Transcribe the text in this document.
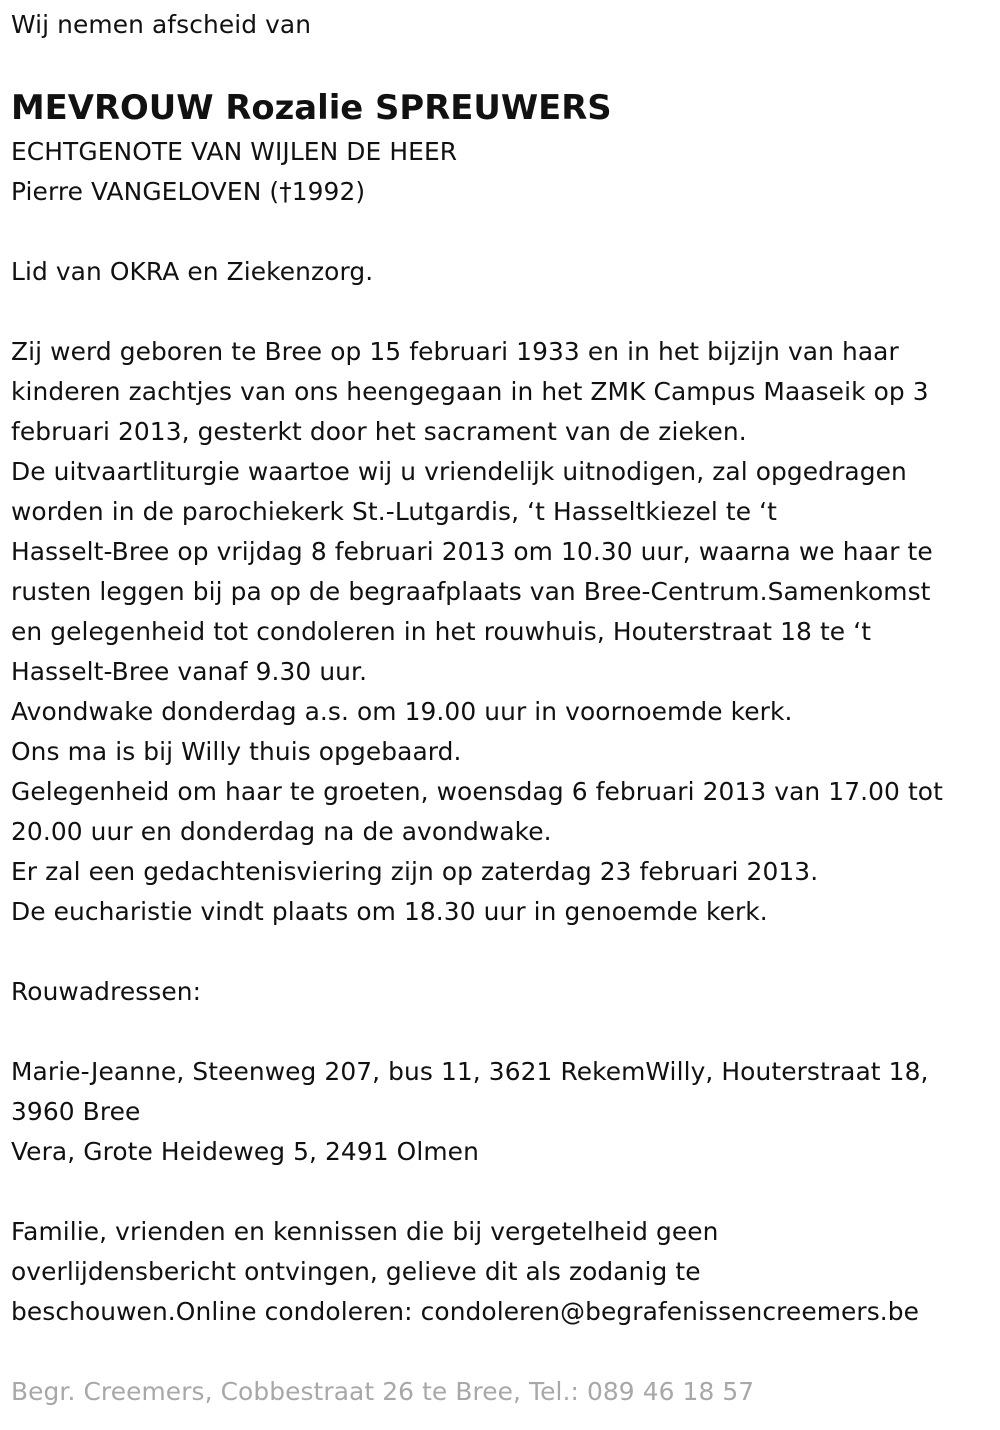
Wij nemen afscheid van
MEVROUW Rozalie SPREUWERS
ECHTGENOTE VAN WIJLEN DE HEER
Pierre VANGELOVEN (†1992)
Lid van OKRA en Ziekenzorg.
Zij werd geboren te Bree op 15 februari 1933 en in het bijzijn van haar
kinderen zachtjes van ons heengegaan in het ZMK Campus Maaseik op 3
februari 2013, gesterkt door het sacrament van de zieken.
De uitvaartliturgie waartoe wij u vriendelijk uitnodigen, zal opgedragen
worden in de parochiekerk St.-Lutgardis, ‘t Hasseltkiezel te ‘t
Hasselt-Bree op vrijdag 8 februari 2013 om 10.30 uur, waarna we haar te
rusten leggen bij pa op de begraafplaats van Bree-Centrum.Samenkomst
en gelegenheid tot condoleren in het rouwhuis, Houterstraat 18 te ‘t
Hasselt-Bree vanaf 9.30 uur.
Avondwake donderdag a.s. om 19.00 uur in voornoemde kerk.
Ons ma is bij Willy thuis opgebaard.
Gelegenheid om haar te groeten, woensdag 6 februari 2013 van 17.00 tot
20.00 uur en donderdag na de avondwake.
Er zal een gedachtenisviering zijn op zaterdag 23 februari 2013.
De eucharistie vindt plaats om 18.30 uur in genoemde kerk.
Rouwadressen:
Marie-Jeanne, Steenweg 207, bus 11, 3621 RekemWilly, Houterstraat 18,
3960 Bree
Vera, Grote Heideweg 5, 2491 Olmen
Familie, vrienden en kennissen die bij vergetelheid geen
overlijdensbericht ontvingen, gelieve dit als zodanig te
beschouwen.Online condoleren: condoleren@begrafenissencreemers.be
Begr. Creemers, Cobbestraat 26 te Bree, Tel.: 089 46 18 57
